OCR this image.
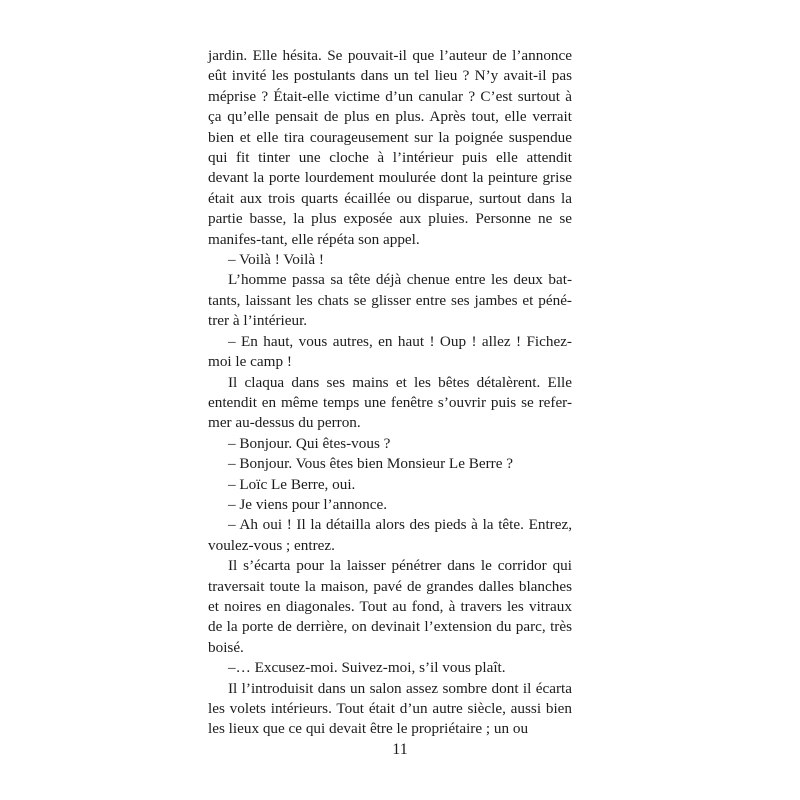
jardin. Elle hésita. Se pouvait-il que l’auteur de l’annonce eût invité les postulants dans un tel lieu ? N’y avait-il pas méprise ? Était-elle victime d’un canular ? C’est surtout à ça qu’elle pensait de plus en plus. Après tout, elle verrait bien et elle tira courageusement sur la poignée suspendue qui fit tinter une cloche à l’intérieur puis elle attendit devant la porte lourdement moulurée dont la peinture grise était aux trois quarts écaillée ou disparue, surtout dans la partie basse, la plus exposée aux pluies. Personne ne se manifes-tant, elle répéta son appel.

– Voilà ! Voilà !

L’homme passa sa tête déjà chenue entre les deux bat-tants, laissant les chats se glisser entre ses jambes et péné-trer à l’intérieur.

– En haut, vous autres, en haut ! Oup ! allez ! Fichez-moi le camp !

Il claqua dans ses mains et les bêtes détalèrent. Elle entendit en même temps une fenêtre s’ouvrir puis se refer-mer au-dessus du perron.

– Bonjour. Qui êtes-vous ?

– Bonjour. Vous êtes bien Monsieur Le Berre ?

– Loïc Le Berre, oui.

– Je viens pour l’annonce.

– Ah oui ! Il la détailla alors des pieds à la tête. Entrez, voulez-vous ; entrez.

Il s’écarta pour la laisser pénétrer dans le corridor qui traversait toute la maison, pavé de grandes dalles blanches et noires en diagonales. Tout au fond, à travers les vitraux de la porte de derrière, on devinait l’extension du parc, très boisé.

–… Excusez-moi. Suivez-moi, s’il vous plaît.

Il l’introduisit dans un salon assez sombre dont il écarta les volets intérieurs. Tout était d’un autre siècle, aussi bien les lieux que ce qui devait être le propriétaire ; un ou

11
